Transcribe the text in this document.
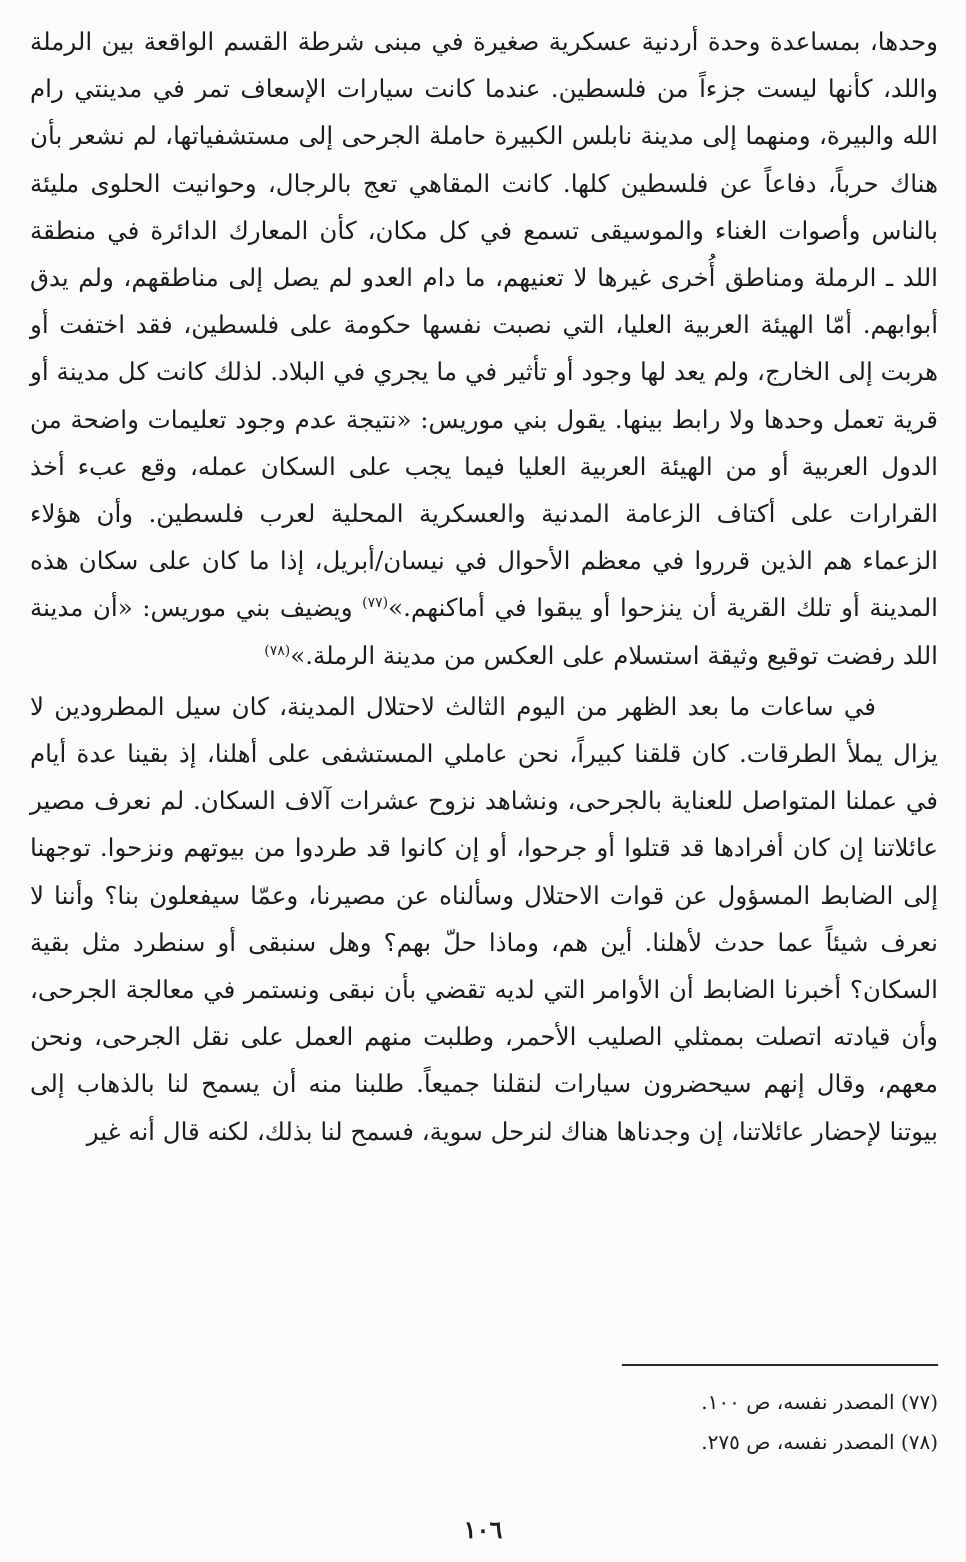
وحدها، بمساعدة وحدة أردنية عسكرية صغيرة في مبنى شرطة القسم الواقعة بين الرملة واللد، كأنها ليست جزءاً من فلسطين. عندما كانت سيارات الإسعاف تمر في مدينتي رام الله والبيرة، ومنهما إلى مدينة نابلس الكبيرة حاملة الجرحى إلى مستشفياتها، لم نشعر بأن هناك حرباً، دفاعاً عن فلسطين كلها. كانت المقاهي تعج بالرجال، وحوانيت الحلوى مليئة بالناس وأصوات الغناء والموسيقى تسمع في كل مكان، كأن المعارك الدائرة في منطقة اللد ـ الرملة ومناطق أُخرى غيرها لا تعنيهم، ما دام العدو لم يصل إلى مناطقهم، ولم يدق أبوابهم. أمّا الهيئة العربية العليا، التي نصبت نفسها حكومة على فلسطين، فقد اختفت أو هربت إلى الخارج، ولم يعد لها وجود أو تأثير في ما يجري في البلاد. لذلك كانت كل مدينة أو قرية تعمل وحدها ولا رابط بينها. يقول بني موريس: «نتيجة عدم وجود تعليمات واضحة من الدول العربية أو من الهيئة العربية العليا فيما يجب على السكان عمله، وقع عبء أخذ القرارات على أكتاف الزعامة المدنية والعسكرية المحلية لعرب فلسطين. وأن هؤلاء الزعماء هم الذين قرروا في معظم الأحوال في نيسان/أبريل، إذا ما كان على سكان هذه المدينة أو تلك القرية أن ينزحوا أو يبقوا في أماكنهم.»$^{(٧٧)}$ ويضيف بني موريس: «أن مدينة اللد رفضت توقيع وثيقة استسلام على العكس من مدينة الرملة.»$^{(٧٨)}$

في ساعات ما بعد الظهر من اليوم الثالث لاحتلال المدينة، كان سيل المطرودين لا يزال يملأ الطرقات. كان قلقنا كبيراً، نحن عاملي المستشفى على أهلنا، إذ بقينا عدة أيام في عملنا المتواصل للعناية بالجرحى، ونشاهد نزوح عشرات آلاف السكان. لم نعرف مصير عائلاتنا إن كان أفرادها قد قتلوا أو جرحوا، أو إن كانوا قد طردوا من بيوتهم ونزحوا. توجهنا إلى الضابط المسؤول عن قوات الاحتلال وسألناه عن مصيرنا، وعمّا سيفعلون بنا؟ وأننا لا نعرف شيئاً عما حدث لأهلنا. أين هم، وماذا حلّ بهم؟ وهل سنبقى أو سنطرد مثل بقية السكان؟ أخبرنا الضابط أن الأوامر التي لديه تقضي بأن نبقى ونستمر في معالجة الجرحى، وأن قيادته اتصلت بممثلي الصليب الأحمر، وطلبت منهم العمل على نقل الجرحى، ونحن معهم، وقال إنهم سيحضرون سيارات لنقلنا جميعاً. طلبنا منه أن يسمح لنا بالذهاب إلى بيوتنا لإحضار عائلاتنا، إن وجدناها هناك لنرحل سوية، فسمح لنا بذلك، لكنه قال أنه غير

(٧٧) المصدر نفسه، ص ١٠٠.

(٧٨) المصدر نفسه، ص ٢٧٥.

١٠٦
